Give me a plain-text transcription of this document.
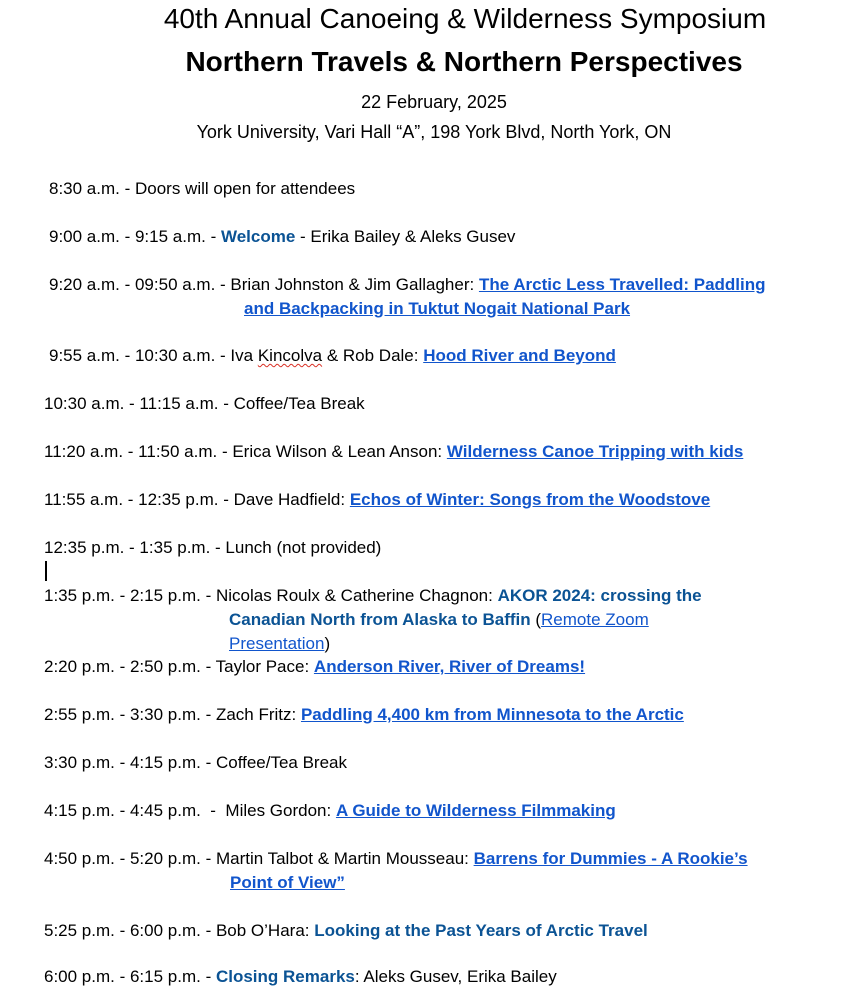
40th Annual Canoeing & Wilderness Symposium
Northern Travels & Northern Perspectives
22 February, 2025
York University, Vari Hall “A”, 198 York Blvd, North York, ON
8:30 a.m. - Doors will open for attendees
9:00 a.m. - 9:15 a.m. - Welcome - Erika Bailey & Aleks Gusev
9:20 a.m. - 09:50 a.m. - Brian Johnston & Jim Gallagher: The Arctic Less Travelled: Paddling
and Backpacking in Tuktut Nogait National Park
9:55 a.m. - 10:30 a.m. - Iva Kincolva & Rob Dale: Hood River and Beyond
10:30 a.m. - 11:15 a.m. - Coffee/Tea Break
11:20 a.m. - 11:50 a.m. - Erica Wilson & Lean Anson: Wilderness Canoe Tripping with kids
11:55 a.m. - 12:35 p.m. - Dave Hadfield: Echos of Winter: Songs from the Woodstove
12:35 p.m. - 1:35 p.m. - Lunch (not provided)
1:35 p.m. - 2:15 p.m. - Nicolas Roulx & Catherine Chagnon: AKOR 2024: crossing the
Canadian North from Alaska to Baffin (Remote Zoom
Presentation)
2:20 p.m. - 2:50 p.m. - Taylor Pace: Anderson River, River of Dreams!
2:55 p.m. - 3:30 p.m. - Zach Fritz: Paddling 4,400 km from Minnesota to the Arctic
3:30 p.m. - 4:15 p.m. - Coffee/Tea Break
4:15 p.m. - 4:45 p.m.  -  Miles Gordon: A Guide to Wilderness Filmmaking
4:50 p.m. - 5:20 p.m. - Martin Talbot & Martin Mousseau: Barrens for Dummies - A Rookie’s
Point of View”
5:25 p.m. - 6:00 p.m. - Bob O’Hara: Looking at the Past Years of Arctic Travel
6:00 p.m. - 6:15 p.m. - Closing Remarks: Aleks Gusev, Erika Bailey
